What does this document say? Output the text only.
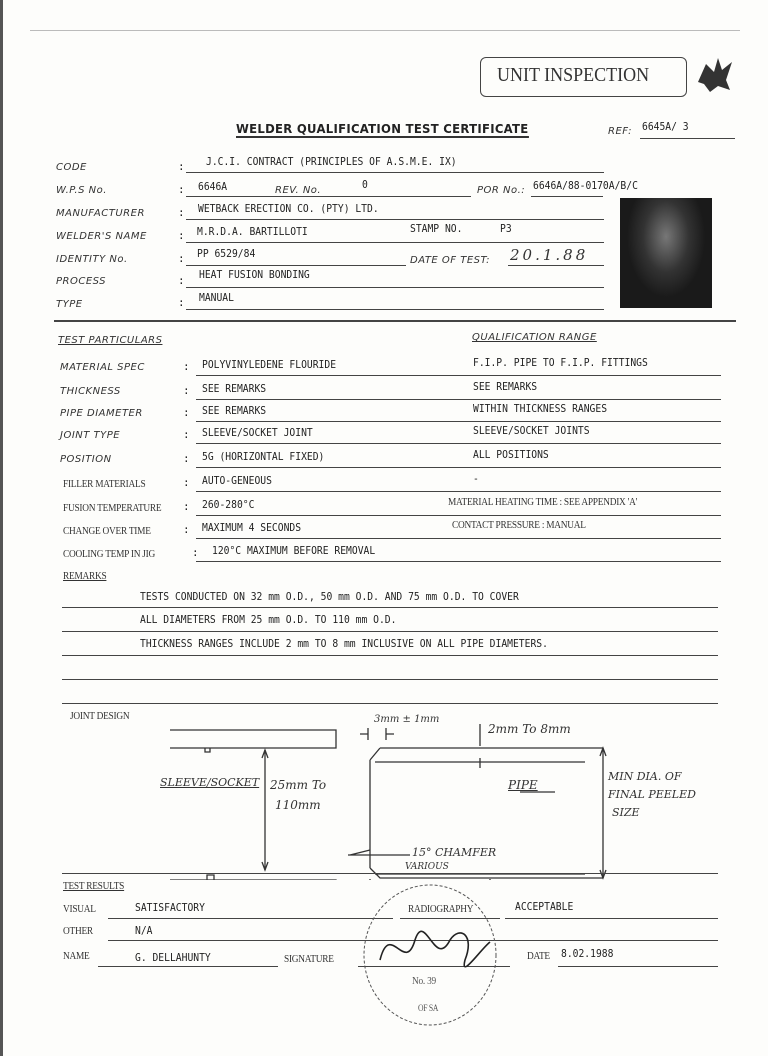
UNIT INSPECTION
WELDER QUALIFICATION TEST CERTIFICATE	REF: 6645A/ 3
CODE	: J.C.I. CONTRACT (PRINCIPLES OF A.S.M.E. IX)
W.P.S No.	: 6646A	REV. No.	0	POR No.: 6646A/88-0170A/B/C
MANUFACTURER	: WETBACK ERECTION CO. (PTY) LTD.
WELDER'S NAME	: M.R.D.A. BARTILLOTI	STAMP NO.	P3
IDENTITY No.	: PP 6529/84
DATE OF TEST: 20.1.88
PROCESS	: HEAT FUSION BONDING
TYPE	: MANUAL
TEST PARTICULARS	QUALIFICATION RANGE
MATERIAL SPEC	: POLYVINYLEDENE FLOURIDE	F.I.P. PIPE TO F.I.P. FITTINGS
THICKNESS	: SEE REMARKS	SEE REMARKS
PIPE DIAMETER	: SEE REMARKS	WITHIN THICKNESS RANGES
JOINT TYPE	: SLEEVE/SOCKET JOINT	SLEEVE/SOCKET JOINTS
POSITION	: 5G (HORIZONTAL FIXED)	ALL POSITIONS
FILLER MATERIALS	: AUTO-GENEOUS	-
FUSION TEMPERATURE : 260-280°C	MATERIAL HEATING TIME : SEE APPENDIX 'A'
CHANGE OVER TIME	: MAXIMUM 4 SECONDS	CONTACT PRESSURE : MANUAL
COOLING TEMP IN JIG	: 120°C MAXIMUM BEFORE REMOVAL
REMARKS
TESTS CONDUCTED ON 32 mm O.D., 50 mm O.D. AND 75 mm O.D. TO COVER
ALL DIAMETERS FROM 25 mm O.D. TO 110 mm O.D.
THICKNESS RANGES INCLUDE 2 mm TO 8 mm INCLUSIVE ON ALL PIPE DIAMETERS.
JOINT DESIGN	3mm ± 1mm
2mm To 8mm
SLEEVE/SOCKET 25mm To
110mm
PIPE
MIN DIA. OF
FINAL PEELED
SIZE
15° CHAMFER
VARIOUS
TEST RESULTS
VISUAL	SATISFACTORY	RADIOGRAPHY	ACCEPTABLE
OTHER	N/A
NAME	G. DELLAHUNTY	SIGNATURE	DATE 8.02.1988
No. 39
OF SA
